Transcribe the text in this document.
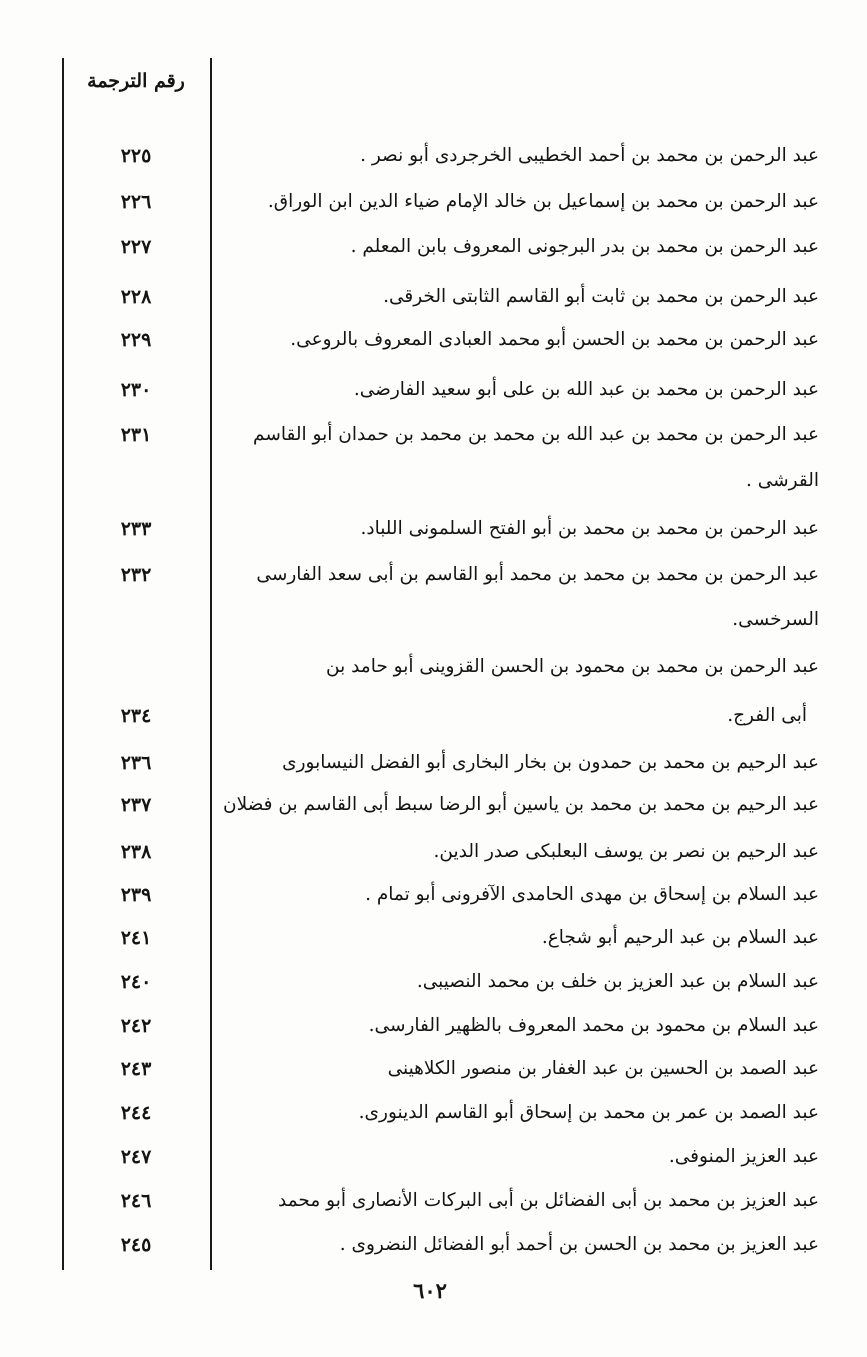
رقم الترجمة
عبد الرحمن بن محمد بن أحمد الخطيبى الخرجردى أبو نصر .
٢٢٥
عبد الرحمن بن محمد بن إسماعيل بن خالد الإمام ضياء الدين ابن الوراق.
٢٢٦
عبد الرحمن بن محمد بن بدر البرجونى المعروف بابن المعلم .
٢٢٧
عبد الرحمن بن محمد بن ثابت أبو القاسم الثابتى الخرقى.
٢٢٨
عبد الرحمن بن محمد بن الحسن أبو محمد العبادى المعروف بالروعى.
٢٢٩
عبد الرحمن بن محمد بن عبد الله بن على أبو سعيد الفارضى.
٢٣٠
عبد الرحمن بن محمد بن عبد الله بن محمد بن محمد بن حمدان أبو القاسم
القرشى .
٢٣١
عبد الرحمن بن محمد بن محمد بن أبو الفتح السلمونى اللباد.
٢٣٣
عبد الرحمن بن محمد بن محمد بن محمد أبو القاسم بن أبى سعد الفارسى
السرخسى.
٢٣٢
عبد الرحمن بن محمد بن محمود بن الحسن القزوينى أبو حامد بن
أبى الفرج.
٢٣٤
عبد الرحيم بن محمد بن حمدون بن بخار البخارى أبو الفضل النيسابورى
٢٣٦
عبد الرحيم بن محمد بن محمد بن ياسين أبو الرضا سبط أبى القاسم بن فضلان
٢٣٧
عبد الرحيم بن نصر بن يوسف البعلبكى صدر الدين.
٢٣٨
عبد السلام بن إسحاق بن مهدى الحامدى الآفرونى أبو تمام .
٢٣٩
عبد السلام بن عبد الرحيم أبو شجاع.
٢٤١
عبد السلام بن عبد العزيز بن خلف بن محمد النصيبى.
٢٤٠
عبد السلام بن محمود بن محمد المعروف بالظهير الفارسى.
٢٤٢
عبد الصمد بن الحسين بن عبد الغفار بن منصور الكلاهينى
٢٤٣
عبد الصمد بن عمر بن محمد بن إسحاق أبو القاسم الدينورى.
٢٤٤
عبد العزيز المنوفى.
٢٤٧
عبد العزيز بن محمد بن أبى الفضائل بن أبى البركات الأنصارى أبو محمد
٢٤٦
عبد العزيز بن محمد بن الحسن بن أحمد أبو الفضائل النضروى .
٢٤٥
٦٠٢
